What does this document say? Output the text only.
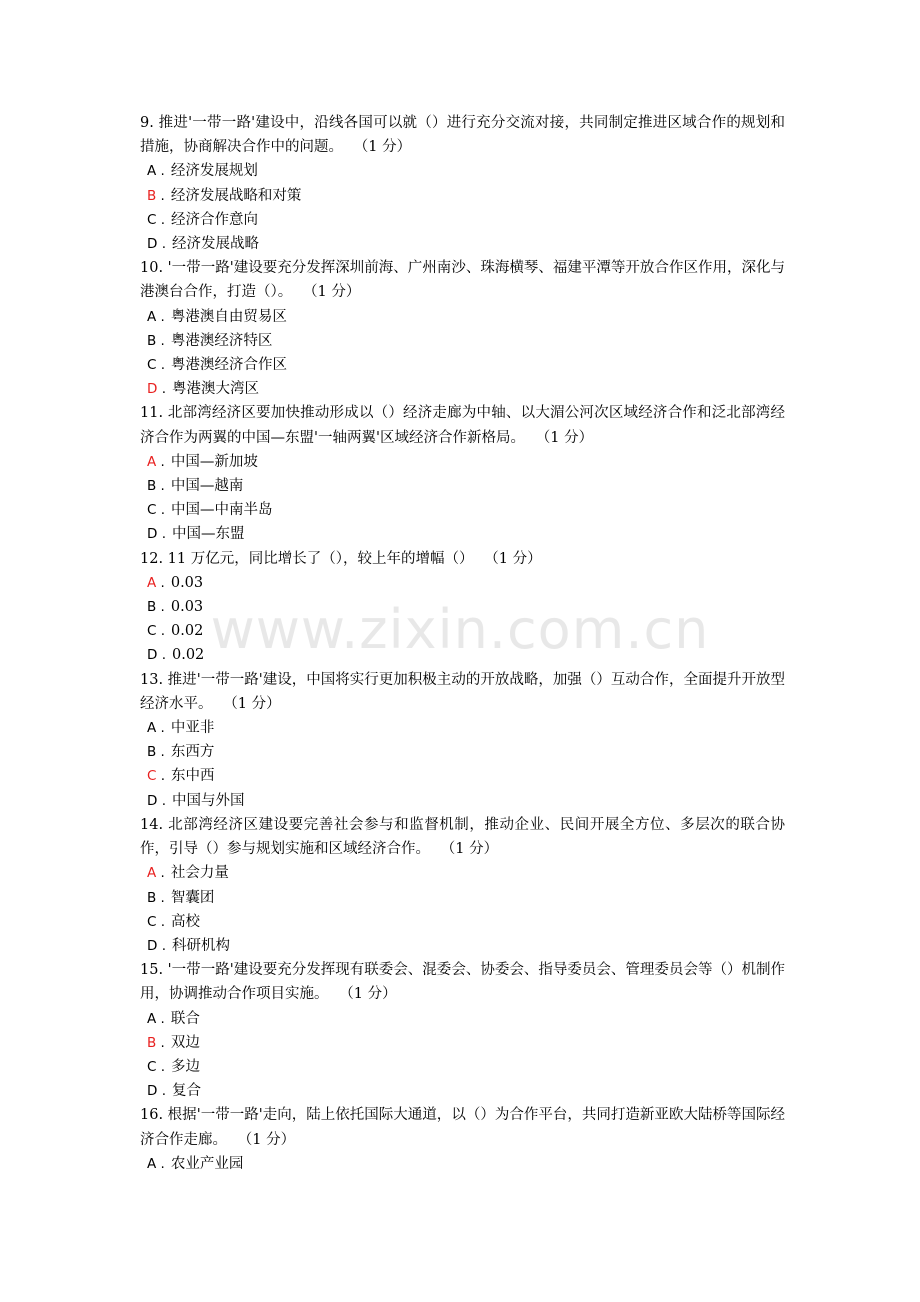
9. 推进'一带一路'建设中，沿线各国可以就（）进行充分交流对接，共同制定推进区域合作的规划和措施，协商解决合作中的问题。 （1 分）
A . 经济发展规划
B . 经济发展战略和对策
C . 经济合作意向
D . 经济发展战略
10. '一带一路'建设要充分发挥深圳前海、广州南沙、珠海横琴、福建平潭等开放合作区作用，深化与港澳台合作，打造（）。 （1 分）
A . 粤港澳自由贸易区
B . 粤港澳经济特区
C . 粤港澳经济合作区
D . 粤港澳大湾区
11. 北部湾经济区要加快推动形成以（）经济走廊为中轴、以大湄公河次区域经济合作和泛北部湾经济合作为两翼的中国—东盟'一轴两翼'区域经济合作新格局。 （1 分）
A . 中国—新加坡
B . 中国—越南
C . 中国—中南半岛
D . 中国—东盟
12. 11 万亿元，同比增长了（），较上年的增幅（） （1 分）
A . 0.03
B . 0.03
C . 0.02
D . 0.02
13. 推进'一带一路'建设，中国将实行更加积极主动的开放战略，加强（）互动合作，全面提升开放型经济水平。 （1 分）
A . 中亚非
B . 东西方
C . 东中西
D . 中国与外国
14. 北部湾经济区建设要完善社会参与和监督机制，推动企业、民间开展全方位、多层次的联合协作，引导（）参与规划实施和区域经济合作。 （1 分）
A . 社会力量
B . 智囊团
C . 高校
D . 科研机构
15. '一带一路'建设要充分发挥现有联委会、混委会、协委会、指导委员会、管理委员会等（）机制作用，协调推动合作项目实施。 （1 分）
A . 联合
B . 双边
C . 多边
D . 复合
16. 根据'一带一路'走向，陆上依托国际大通道，以（）为合作平台，共同打造新亚欧大陆桥等国际经济合作走廊。 （1 分）
A . 农业产业园
www.zixin.com.cn
